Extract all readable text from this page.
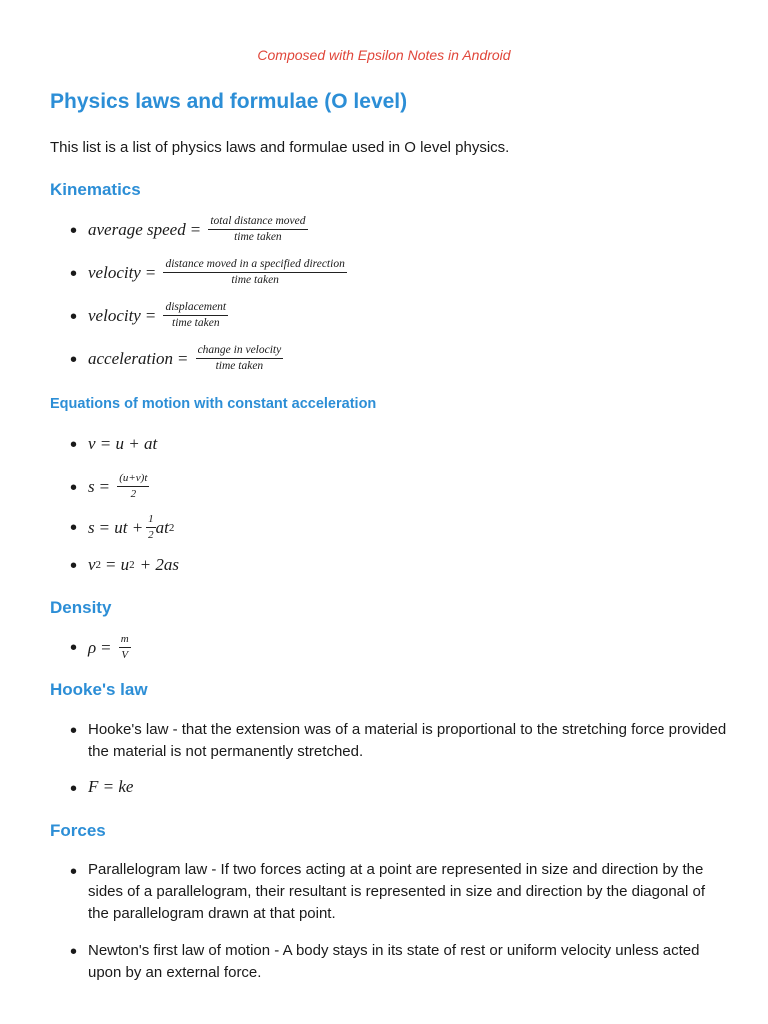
Composed with Epsilon Notes in Android
Physics laws and formulae (O level)

This list is a list of physics laws and formulae used in O level physics.

Kinematics
• average speed = $\frac{\text{total distance moved}}{\text{time taken}}$
• velocity = $\frac{\text{distance moved in a specified direction}}{\text{time taken}}$
• velocity = $\frac{\text{displacement}}{\text{time taken}}$
• acceleration = $\frac{\text{change in velocity}}{\text{time taken}}$
Equations of motion with constant acceleration
• v = u + at
• $s = \frac{(u+v)t}{2}$
• s = ut + $\frac{1}{2}$ at 2
• v 2 = u 2 + 2as
Density
• $\rho = \frac{m}{V}$
Hooke's law
• Hooke's law - that the extension was of a material is proportional to the stretching force provided the material is not permanently stretched.
• F = ke
Forces
• Parallelogram law - If two forces acting at a point are represented in size and direction by the sides of a parallelogram, their resultant is represented in size and direction by the diagonal of the parallelogram drawn at that point.
• Newton's first law of motion - A body stays in its state of rest or uniform velocity unless acted upon by an external force.
